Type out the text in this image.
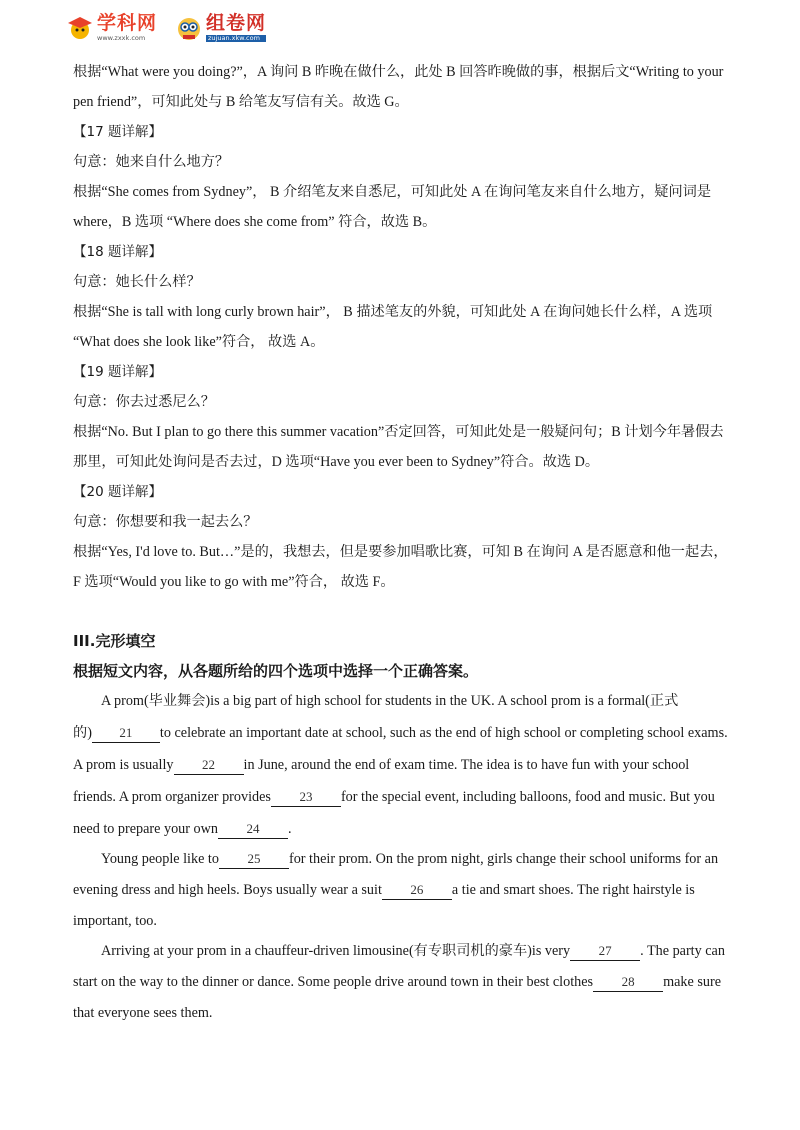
学科网
www.zxxk.com
组卷网
zujuan.xkw.com
根据“What were you doing?”，A 询问 B 昨晚在做什么，此处 B 回答昨晚做的事，根据后文“Writing to your
pen friend”，可知此处与 B 给笔友写信有关。故选 G。
【17 题详解】
句意：她来自什么地方？
根据“She comes from Sydney”， B 介绍笔友来自悉尼，可知此处 A 在询问笔友来自什么地方，疑问词是
where，B 选项 “Where does she come from” 符合，故选 B。
【18 题详解】
句意：她长什么样？
根据“She is tall with long curly brown hair”， B 描述笔友的外貌，可知此处 A 在询问她长什么样，A 选项
“What does she look like”符合， 故选 A。
【19 题详解】
句意：你去过悉尼么？
根据“No. But I plan to go there this summer vacation”否定回答，可知此处是一般疑问句；B 计划今年暑假去
那里，可知此处询问是否去过，D 选项“Have you ever been to Sydney”符合。故选 D。
【20 题详解】
句意：你想要和我一起去么？
根据“Yes, I'd love to. But…”是的，我想去，但是要参加唱歌比赛，可知 B 在询问 A 是否愿意和他一起去，
F 选项“Would you like to go with me”符合， 故选 F。
III.完形填空
根据短文内容，从各题所给的四个选项中选择一个正确答案。
A prom(毕业舞会)is a big part of high school for students in the UK. A school prom is a formal(正式
的) 21 to celebrate an important date at school, such as the end of high school or completing school exams.
A prom is usually 22 in June, around the end of exam time. The idea is to have fun with your school
friends. A prom organizer provides 23 for the special event, including balloons, food and music. But you
need to prepare your own 24 .
Young people like to 25 for their prom. On the prom night, girls change their school uniforms for an
evening dress and high heels. Boys usually wear a suit 26 a tie and smart shoes. The right hairstyle is
important, too.
Arriving at your prom in a chauffeur-driven limousine(有专职司机的豪车)is very 27 . The party can
start on the way to the dinner or dance. Some people drive around town in their best clothes 28 make sure
that everyone sees them.
